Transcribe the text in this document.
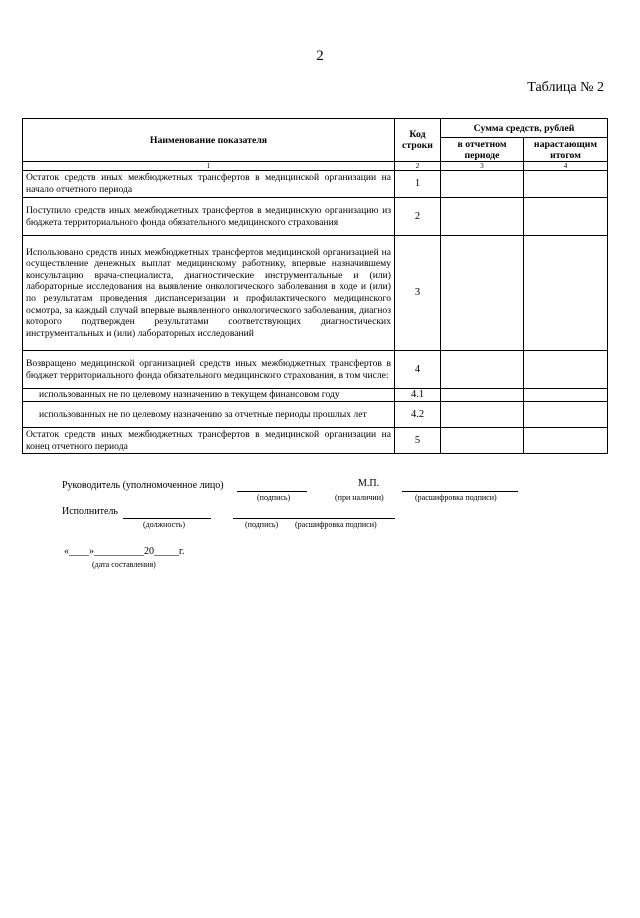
2
Таблица № 2
Наименование показателя	Код строки	Сумма средств, рублей	
		в отчетном периоде	нарастающим итогом
1	2	3	4
Остаток средств иных межбюджетных трансфертов в медицинской организации на начало отчетного периода	1		
Поступило средств иных межбюджетных трансфертов в медицинскую организацию из бюджета территориального фонда обязательного медицинского страхования	2		
Использовано средств иных межбюджетных трансфертов медицинской организацией на осуществление денежных выплат медицинскому работнику, впервые назначившему консультацию врача-специалиста, диагностические инструментальные и (или) лабораторные исследования на выявление онкологического заболевания в ходе и (или) по результатам проведения диспансеризации и профилактического медицинского осмотра, за каждый случай впервые выявленного онкологического заболевания, диагноз которого подтвержден результатами соответствующих диагностических инструментальных и (или) лабораторных исследований	3		
Возвращено медицинской организацией средств иных межбюджетных трансфертов в бюджет территориального фонда обязательного медицинского страхования, в том числе:	4		
использованных не по целевому назначению в текущем финансовом году	4.1		
использованных не по целевому назначению за отчетные периоды прошлых лет	4.2		
Остаток средств иных межбюджетных трансфертов в медицинской организации на конец отчетного периода	5		
Руководитель (уполномоченное лицо)	М.П.
(подпись)	(при наличии)	(расшифровка подписи)
Исполнитель
(должность)	(подпись) (расшифровка подписи)
«____»__________20_____г.
(дата составления)
